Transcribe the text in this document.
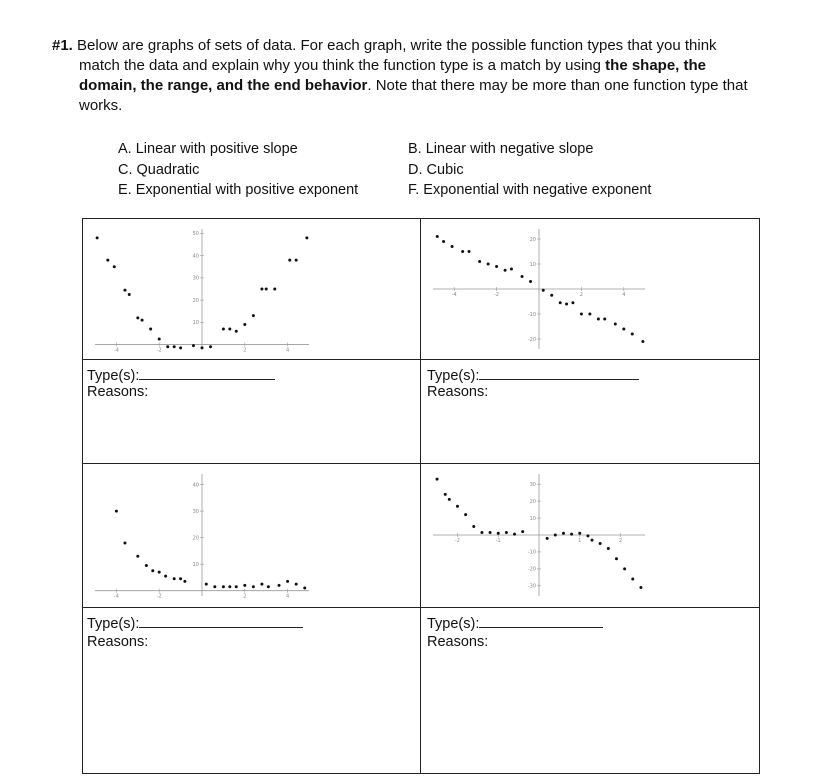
#1. Below are graphs of sets of data. For each graph, write the possible function types that you think match the data and explain why you think the function type is a match by using the shape, the domain, the range, and the end behavior. Note that there may be more than one function type that works.
A. Linear with positive slope	B. Linear with negative slope
C. Quadratic	D. Cubic
E. Exponential with positive exponent	F. Exponential with negative exponent
-4	-2	2	4
10
20
30
40
50
-4	-2	2	4
20
10
-10
-20
-4	-2	2	4
10
20
30
40
-2	-1	1	2
30
20
10
-10
-20
-30
Type(s):
Reasons:
Type(s):
Reasons:
Type(s):
Reasons:
Type(s):
Reasons:
